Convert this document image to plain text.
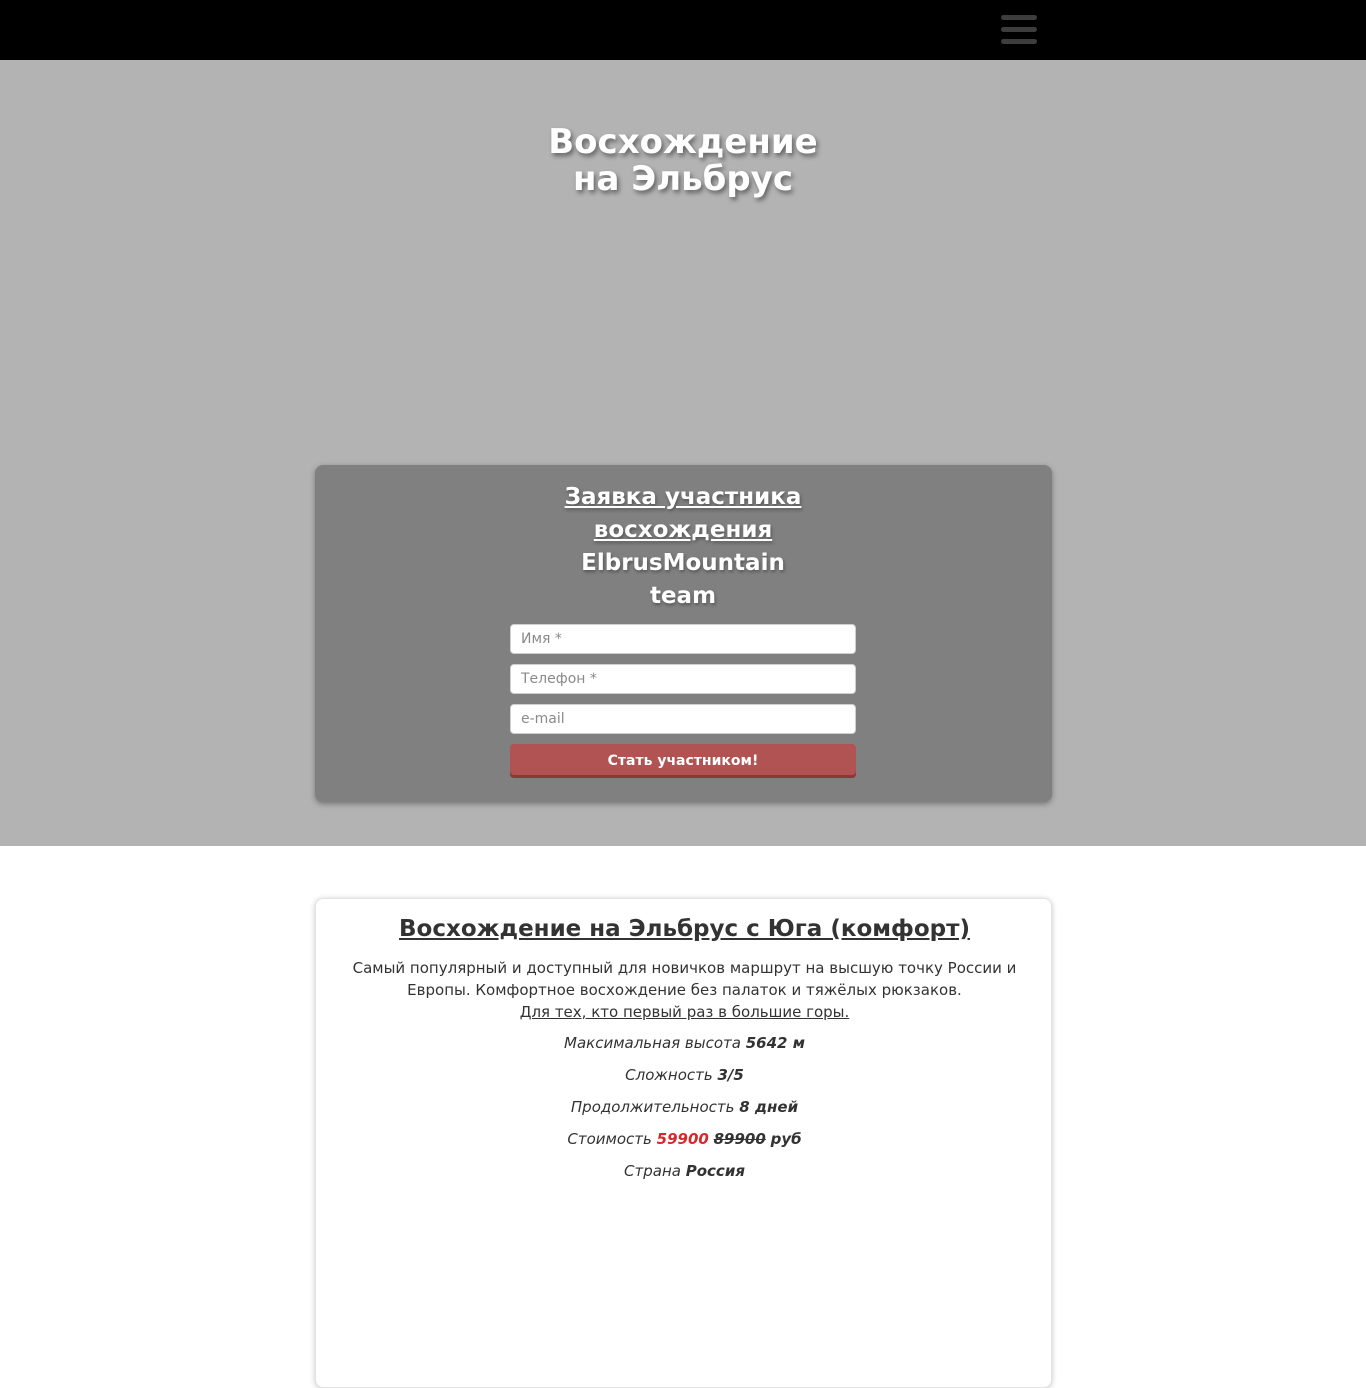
Восхождение
на Эльбрус
Заявка участника
восхождения
ElbrusMountain
team
Имя *
Телефон *
e-mail
Стать участником!
Восхождение на Эльбрус с Юга (комфорт)

Самый популярный и доступный для новичков маршрут на высшую точку России и
Европы. Комфортное восхождение без палаток и тяжёлых рюкзаков.
Для тех, кто первый раз в большие горы.

Максимальная высота 5642 м

Сложность 3/5

Продолжительность 8 дней

Стоимость 59900 89900 руб

Страна Россия
